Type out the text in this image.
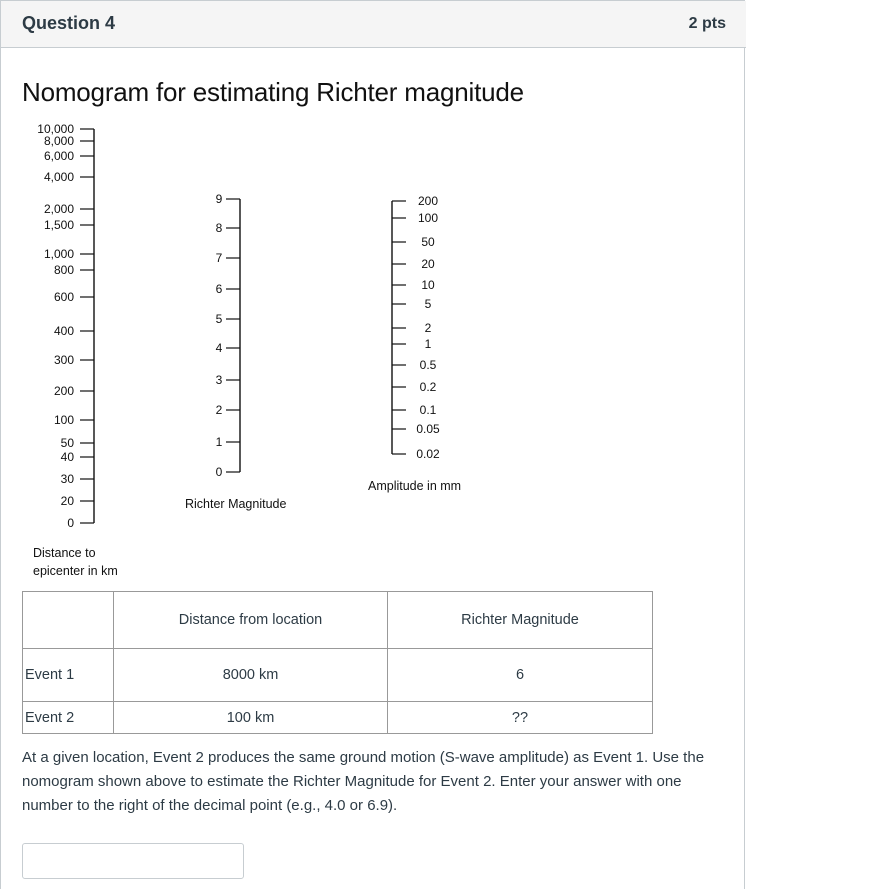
Question 4	2 pts
Nomogram for estimating Richter magnitude
10,000
8,000
6,000
4,000
2,000
1,500
1,000
800
600
400
300
200
100
50
40
30
20
0
9
8
7
6
5
4
3
2
1
0
200
100
50
20
10
5
2
1
0.5
0.2
0.1
0.05
0.02
Distance to
epicenter in km
Richter Magnitude
Amplitude in mm
	Distance from location	Richter Magnitude
Event 1	8000 km	6
Event 2	100 km	??
At a given location, Event 2 produces the same ground motion (S-wave amplitude) as Event 1. Use the nomogram shown above to estimate the Richter Magnitude for Event 2. Enter your answer with one number to the right of the decimal point (e.g., 4.0 or 6.9).
